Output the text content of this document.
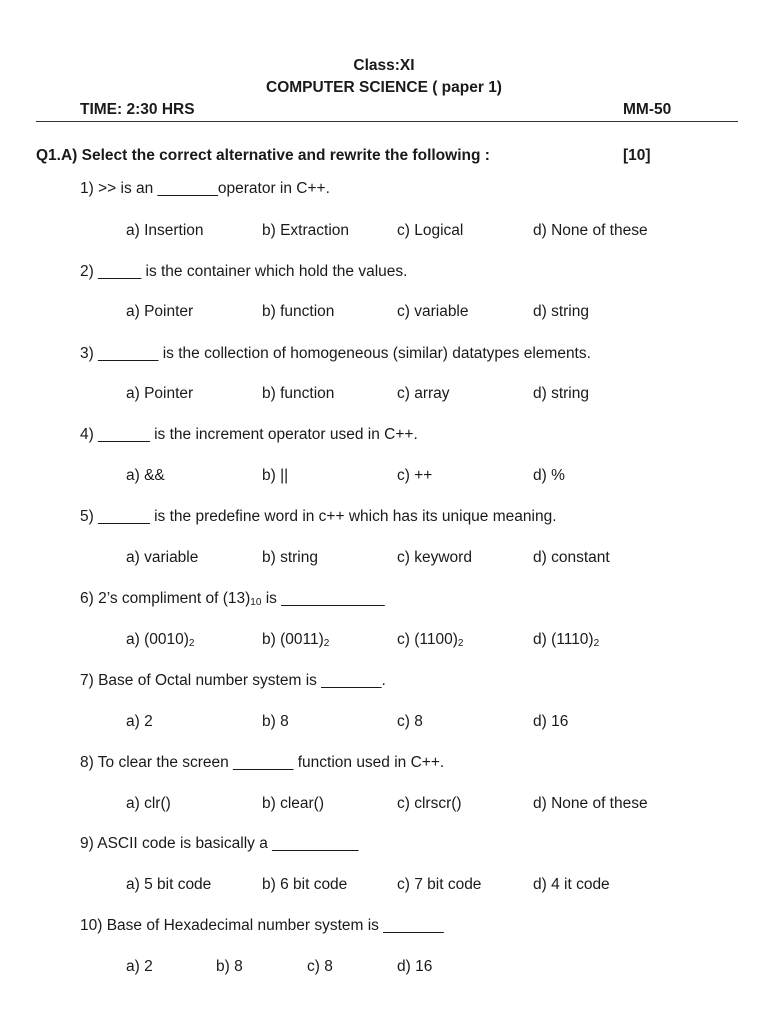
Class:XI
COMPUTER SCIENCE ( paper 1)
TIME: 2:30 HRS	MM-50
Q1.A) Select the correct alternative and rewrite the following :	[10]
1) >> is an _______operator in C++.
a) Insertion	b) Extraction	c) Logical	d) None of these
2) _____ is the container which hold the values.
a) Pointer	b) function	c) variable	d) string
3) _______ is the collection of homogeneous (similar) datatypes elements.
a) Pointer	b) function	c) array	d) string
4) ______ is the increment operator used in C++.
a) &&	b) ||	c) ++	d) %
5) ______ is the predefine word in c++ which has its unique meaning.
a) variable	b) string	c) keyword	d) constant
6) 2’s compliment of $(13)_{10}$ is ____________
a) $(0010)_2$	b) $(0011)_2$	c) $(1100)_2$	d) $(1110)_2$
7) Base of Octal number system is _______.
a) 2	b) 8	c) 8	d) 16
8) To clear the screen _______ function used in C++.
a) clr()	b) clear()	c) clrscr()	d) None of these
9) ASCII code is basically a __________
a) 5 bit code	b) 6 bit code	c) 7 bit code	d) 4 it code
10) Base of Hexadecimal number system is _______
a) 2	b) 8	c) 8	d) 16
